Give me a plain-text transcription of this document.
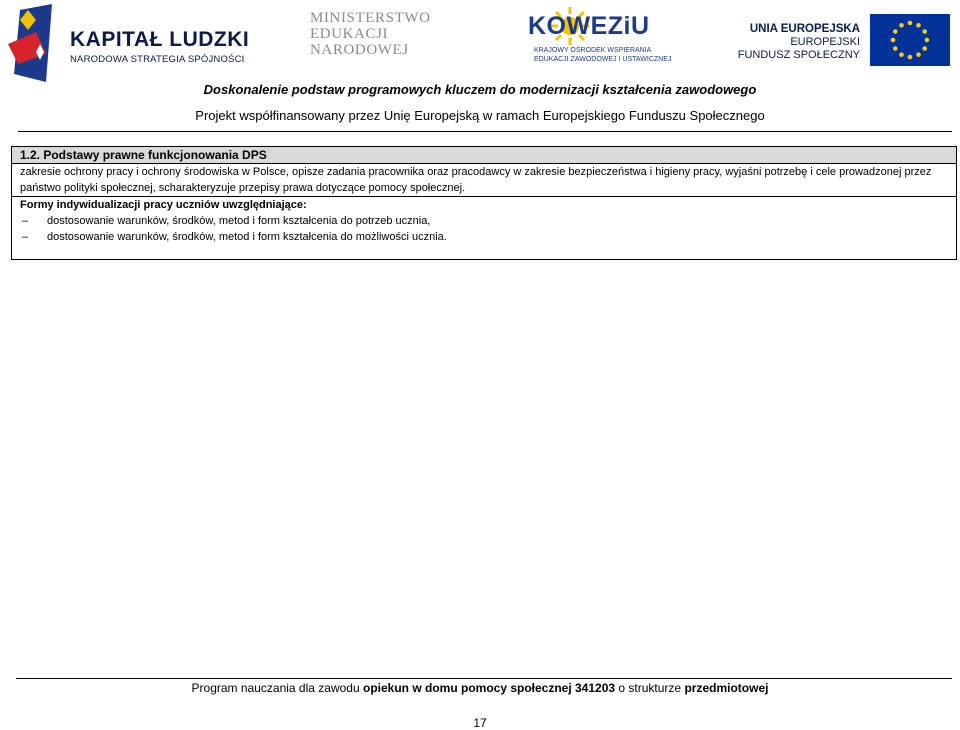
KAPITAŁ LUDZKI
NARODOWA STRATEGIA SPÓJNOŚCI
MINISTERSTWO
EDUKACJI
NARODOWEJ
KOWEZiU
KRAJOWY OŚRODEK WSPIERANIA
EDUKACJI ZAWODOWEJ I USTAWICZNEJ
UNIA EUROPEJSKA
EUROPEJSKI
FUNDUSZ SPOŁECZNY
Doskonalenie podstaw programowych kluczem do modernizacji kształcenia zawodowego
Projekt współfinansowany przez Unię Europejską w ramach Europejskiego Funduszu Społecznego
1.2. Podstawy prawne funkcjonowania DPS
zakresie ochrony pracy i ochrony środowiska w Polsce, opisze zadania pracownika oraz pracodawcy w zakresie bezpieczeństwa i higieny pracy, wyjaśni potrzebę i cele prowadzonej przez państwo polityki społecznej, scharakteryzuje przepisy prawa dotyczące pomocy społecznej.
Formy indywidualizacji pracy uczniów uwzględniające:
– dostosowanie warunków, środków, metod i form kształcenia do potrzeb ucznia,
– dostosowanie warunków, środków, metod i form kształcenia do możliwości ucznia.
Program nauczania dla zawodu opiekun w domu pomocy społecznej 341203 o strukturze przedmiotowej
17
